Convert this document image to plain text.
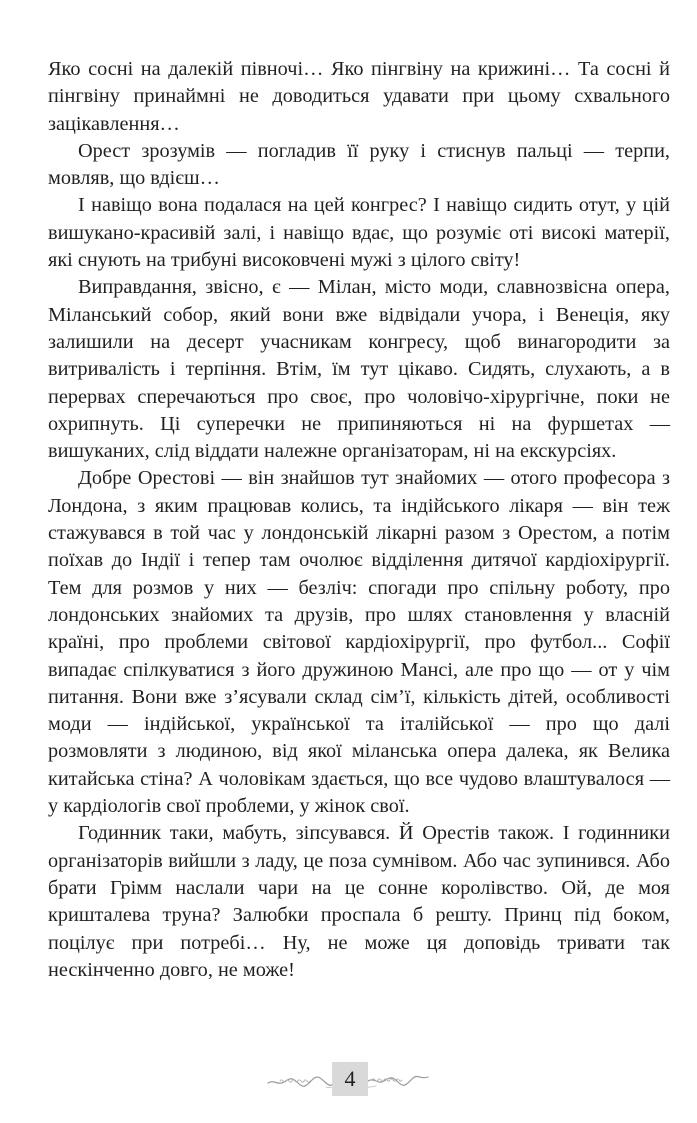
Яко сосні на далекій півночі… Яко пінгвіну на крижині… Та сосні й пінгвіну принаймні не доводиться удавати при цьому схвального зацікавлення…

Орест зрозумів — погладив її руку і стиснув пальці — терпи, мовляв, що вдієш…

І навіщо вона подалася на цей конгрес? І навіщо сидить отут, у цій вишукано-красивій залі, і навіщо вдає, що розуміє оті високі матерії, які снують на трибуні високовчені мужі з цілого світу!

Виправдання, звісно, є — Мілан, місто моди, славнозвісна опера, Міланський собор, який вони вже відвідали учора, і Венеція, яку залишили на десерт учасникам конгресу, щоб винагородити за витривалість і терпіння. Втім, їм тут цікаво. Сидять, слухають, а в перервах сперечаються про своє, про чоловічо-хірургічне, поки не охрипнуть. Ці суперечки не припиняються ні на фуршетах — вишуканих, слід віддати належне організаторам, ні на екскурсіях.

Добре Орестові — він знайшов тут знайомих — отого професора з Лондона, з яким працював колись, та індійського лікаря — він теж стажувався в той час у лондонській лікарні разом з Орестом, а потім поїхав до Індії і тепер там очолює відділення дитячої кардіохірургії. Тем для розмов у них — безліч: спогади про спільну роботу, про лондонських знайомих та друзів, про шлях становлення у власній країні, про проблеми світової кардіохірургії, про футбол... Софії випадає спілкуватися з його дружиною Мансі, але про що — от у чім питання. Вони вже з’ясували склад сім’ї, кількість дітей, особливості моди — індійської, української та італійської — про що далі розмовляти з людиною, від якої міланська опера далека, як Велика китайська стіна? А чоловікам здається, що все чудово влаштувалося — у кардіологів свої проблеми, у жінок свої.

Годинник таки, мабуть, зіпсувався. Й Орестів також. І годинники організаторів вийшли з ладу, це поза сумнівом. Або час зупинився. Або брати Грімм наслали чари на це сонне королівство. Ой, де моя кришталева труна? Залюбки проспала б решту. Принц під боком, поцілує при потребі… Ну, не може ця доповідь тривати так нескінченно довго, не може!

4
